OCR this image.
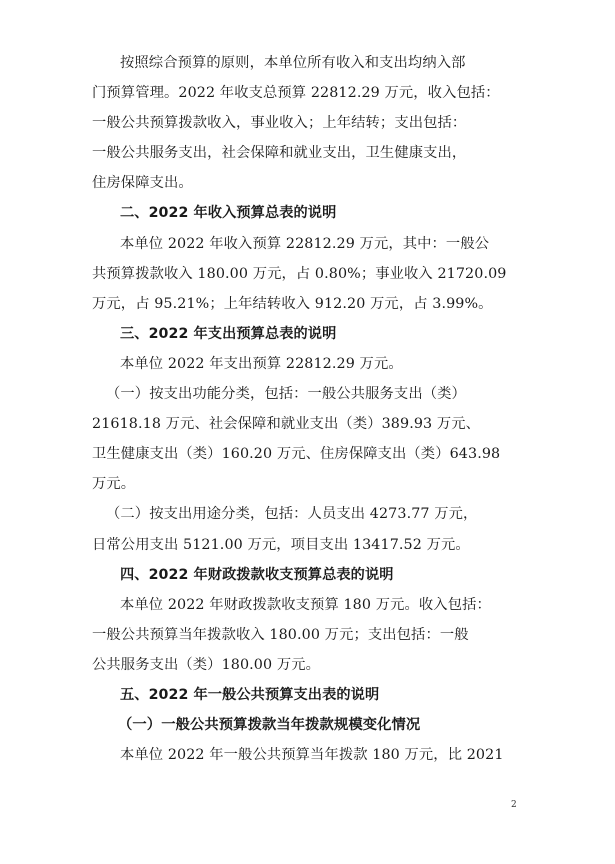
按照综合预算的原则，本单位所有收入和支出均纳入部
门预算管理。2022 年收支总预算 22812.29 万元，收入包括：
一般公共预算拨款收入，事业收入；上年结转；支出包括：
一般公共服务支出，社会保障和就业支出，卫生健康支出，
住房保障支出。
二、2022 年收入预算总表的说明
本单位 2022 年收入预算 22812.29 万元，其中：一般公
共预算拨款收入 180.00 万元，占 0.80%；事业收入 21720.09
万元，占 95.21%；上年结转收入 912.20 万元，占 3.99%。
三、2022 年支出预算总表的说明
本单位 2022 年支出预算 22812.29 万元。
（一）按支出功能分类，包括：一般公共服务支出（类）
21618.18 万元、社会保障和就业支出（类）389.93 万元、
卫生健康支出（类）160.20 万元、住房保障支出（类）643.98
万元。
（二）按支出用途分类，包括：人员支出 4273.77 万元，
日常公用支出 5121.00 万元，项目支出 13417.52 万元。
四、2022 年财政拨款收支预算总表的说明
本单位 2022 年财政拨款收支预算 180 万元。收入包括：
一般公共预算当年拨款收入 180.00 万元；支出包括：一般
公共服务支出（类）180.00 万元。
五、2022 年一般公共预算支出表的说明
（一）一般公共预算拨款当年拨款规模变化情况
本单位 2022 年一般公共预算当年拨款 180 万元，比 2021
2
